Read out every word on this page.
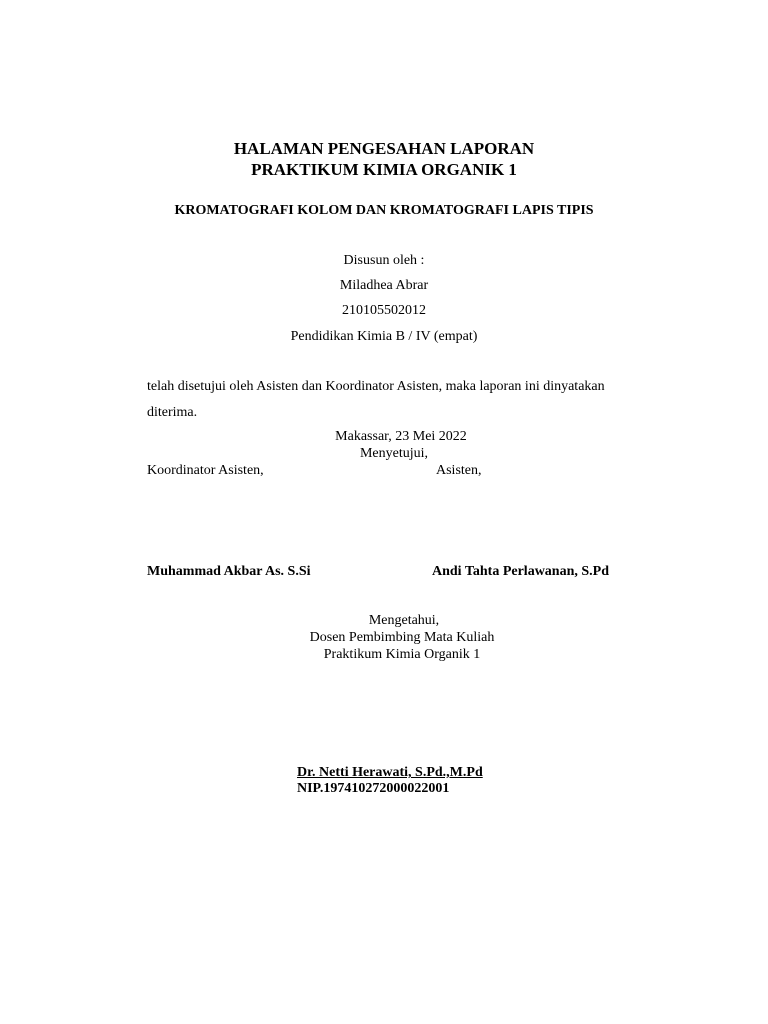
HALAMAN PENGESAHAN LAPORAN
PRAKTIKUM KIMIA ORGANIK 1
KROMATOGRAFI KOLOM DAN KROMATOGRAFI LAPIS TIPIS
Disusun oleh :
Miladhea Abrar
210105502012
Pendidikan Kimia B / IV (empat)
telah disetujui oleh Asisten dan Koordinator Asisten, maka laporan ini dinyatakan
diterima.
Makassar, 23 Mei 2022
Menyetujui,
Koordinator Asisten,	Asisten,
Muhammad Akbar As. S.Si	Andi Tahta Perlawanan, S.Pd
Mengetahui,
Dosen Pembimbing Mata Kuliah
Praktikum Kimia Organik 1
Dr. Netti Herawati, S.Pd.,M.Pd
NIP.197410272000022001
